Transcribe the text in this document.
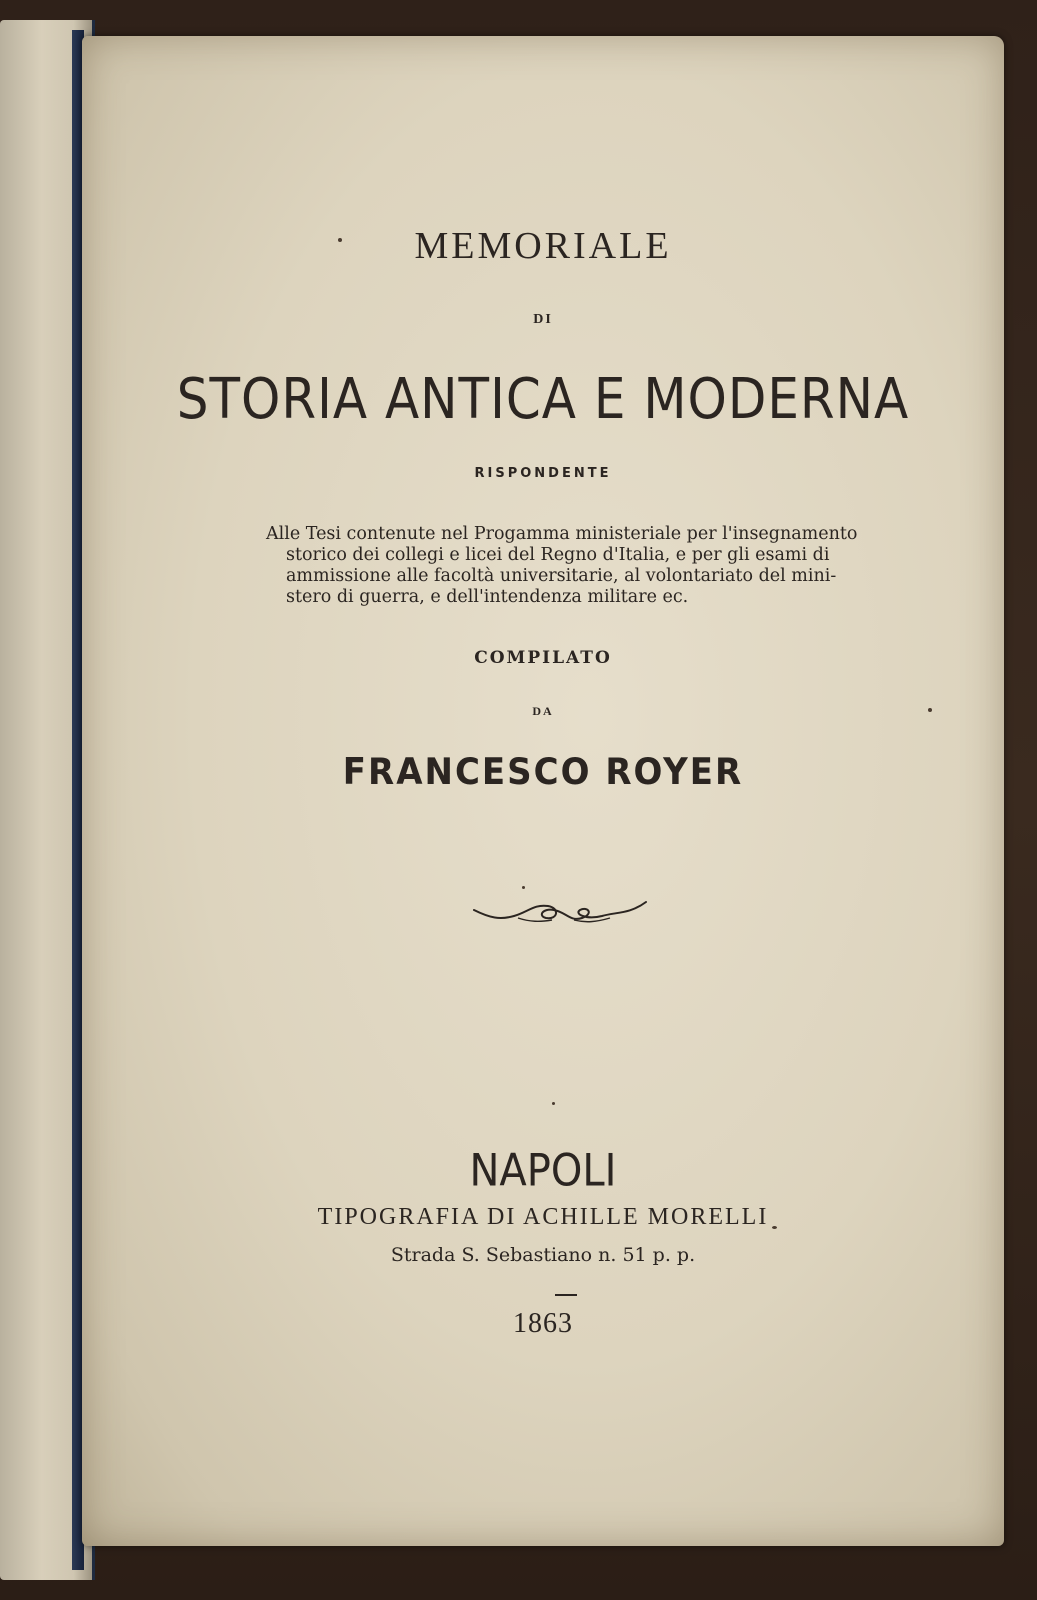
MEMORIALE
DI
STORIA ANTICA E MODERNA
RISPONDENTE
Alle Tesi contenute nel Progamma ministeriale per l'insegnamento
storico dei collegi e licei del Regno d'Italia, e per gli esami di
ammissione alle facoltà universitarie, al volontariato del mini-
stero di guerra, e dell'intendenza militare ec.
COMPILATO
DA
FRANCESCO ROYER
NAPOLI
TIPOGRAFIA DI ACHILLE MORELLI
Strada S. Sebastiano n. 51 p. p.
1863
